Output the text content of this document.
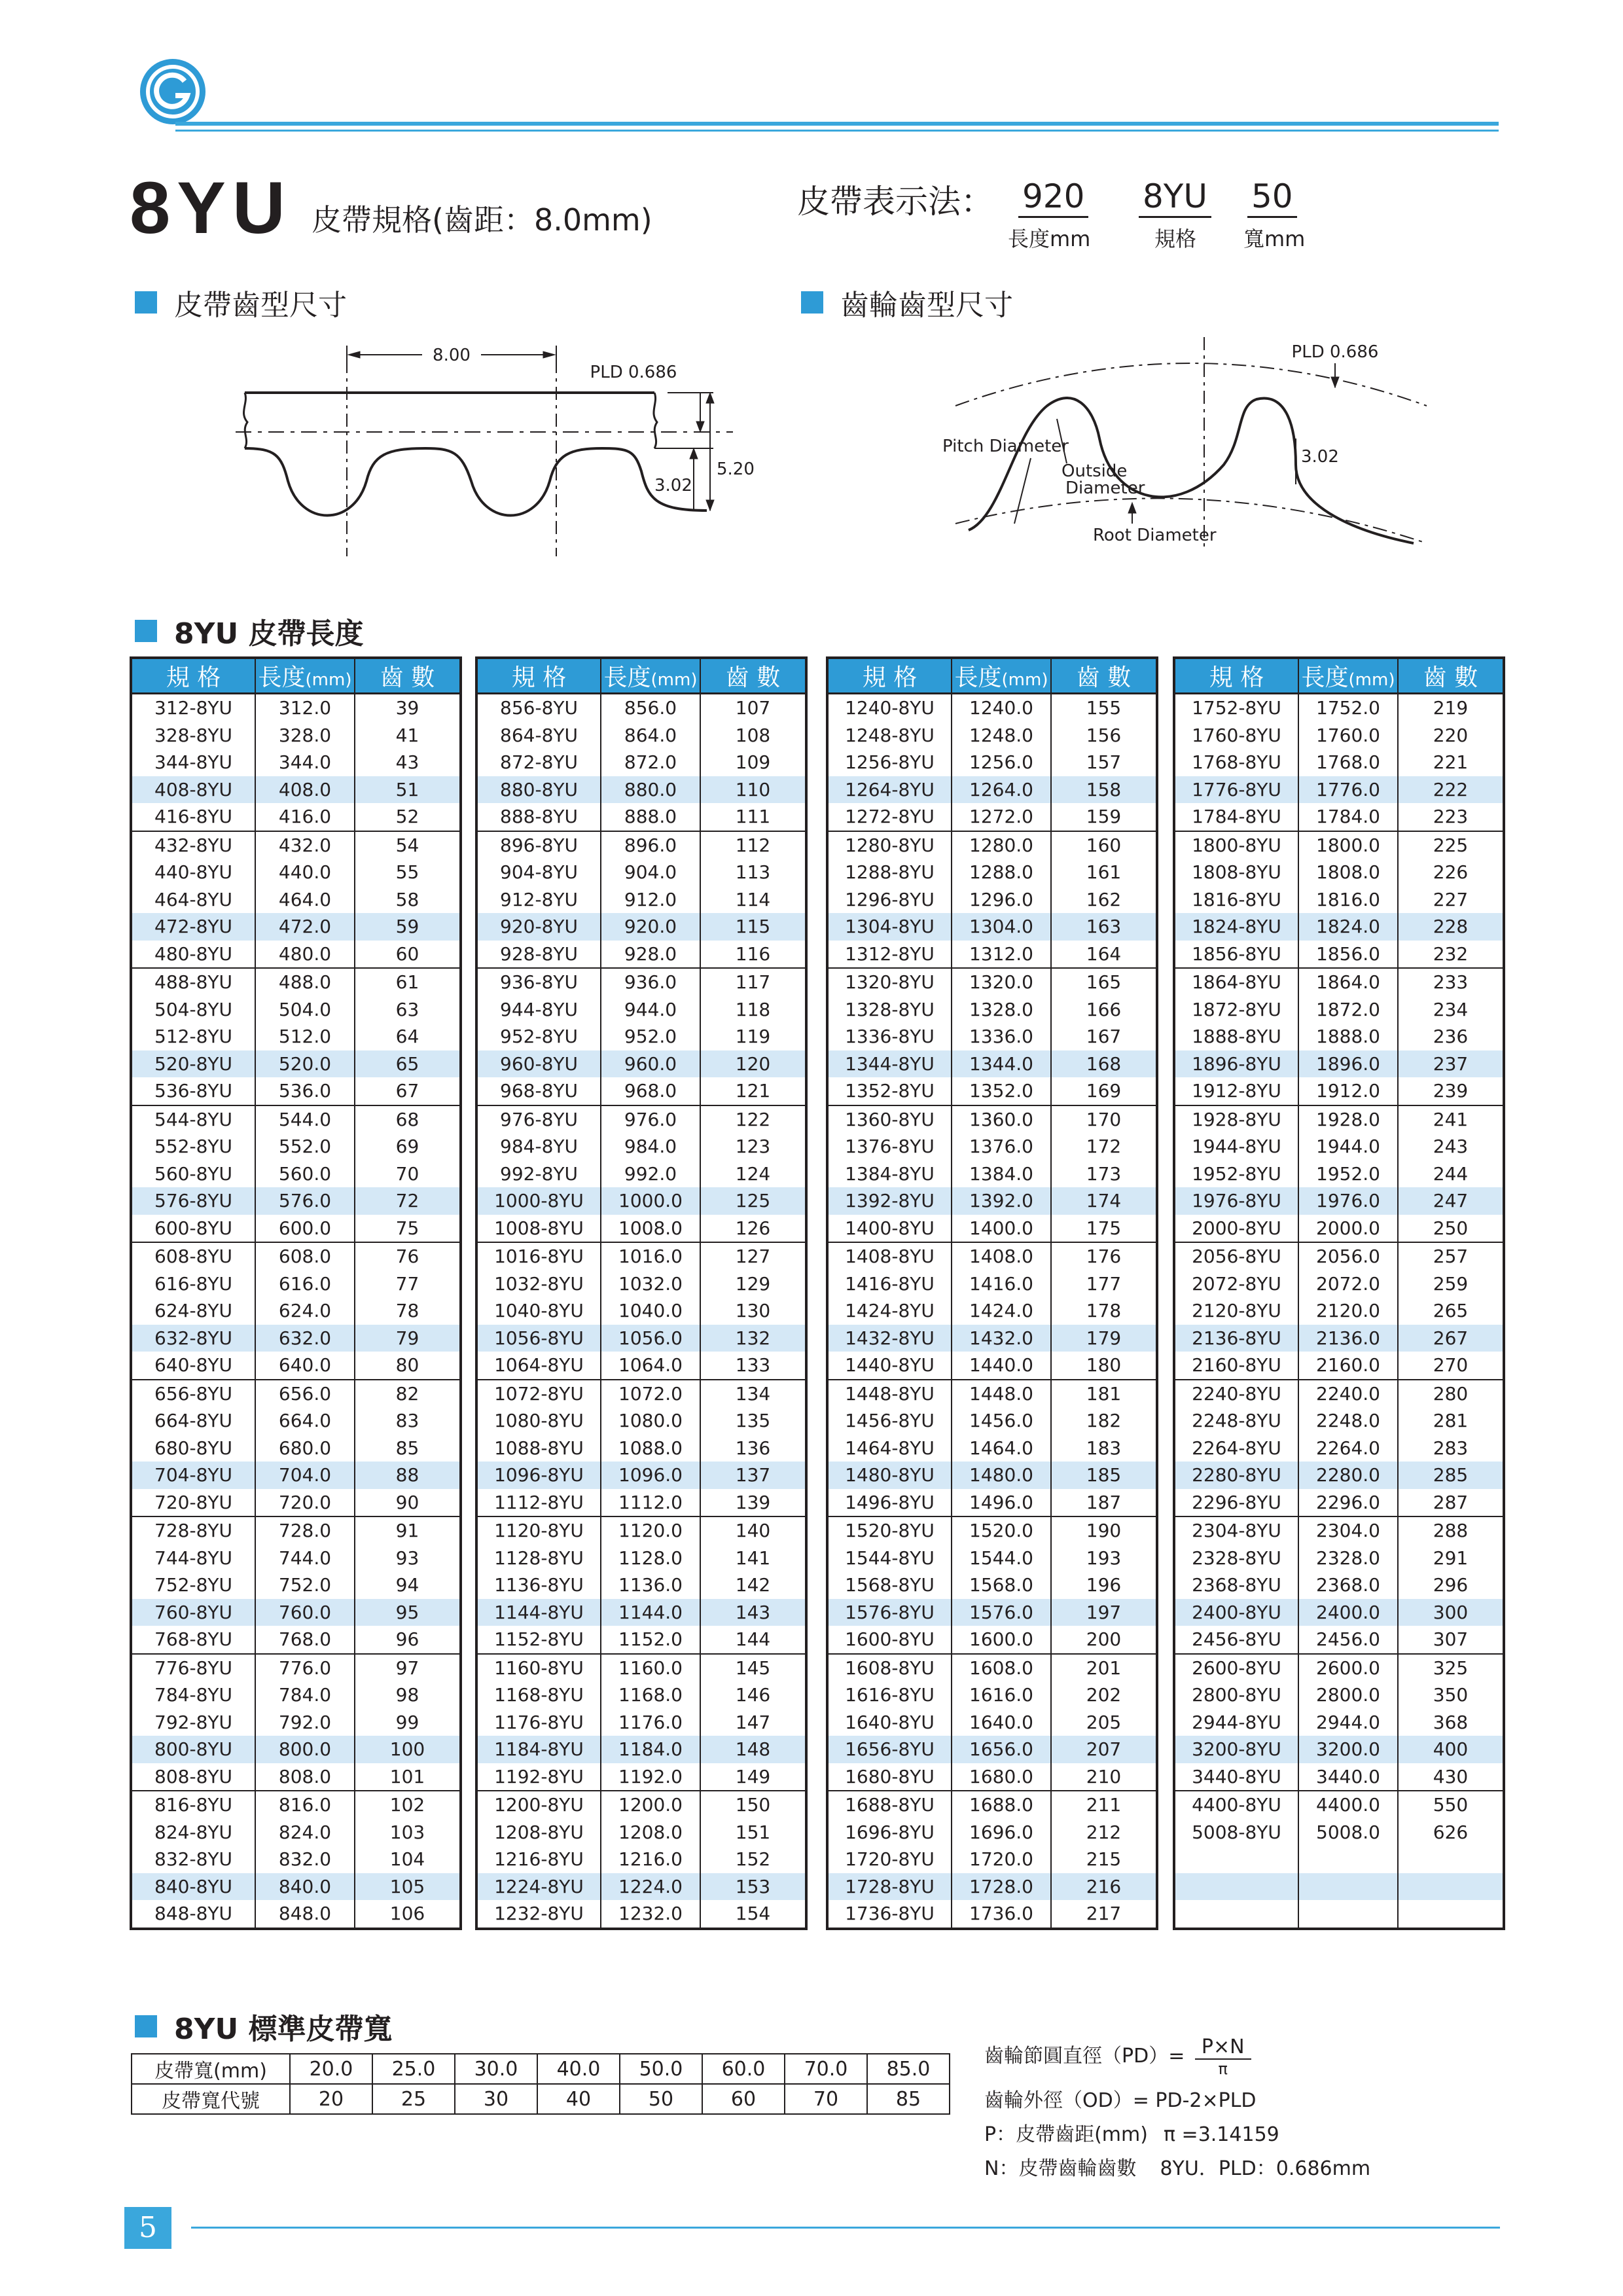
8YU 皮帶規格(齒距：8.0mm)	皮帶表示法： 920 8YU 50
長度mm	規格 寬mm
皮帶齒型尺寸	齒輪齒型尺寸
8.00
PLD 0.686
5.20
3.02
PLD 0.686
3.02
Pitch Diameter
Outside
Diameter
Root Diameter
8YU 皮帶長度
規 格	長度(mm)	齒 數
312-8YU	312.0	39
328-8YU	328.0	41
344-8YU	344.0	43
408-8YU	408.0	51
416-8YU	416.0	52
432-8YU	432.0	54
440-8YU	440.0	55
464-8YU	464.0	58
472-8YU	472.0	59
480-8YU	480.0	60
488-8YU	488.0	61
504-8YU	504.0	63
512-8YU	512.0	64
520-8YU	520.0	65
536-8YU	536.0	67
544-8YU	544.0	68
552-8YU	552.0	69
560-8YU	560.0	70
576-8YU	576.0	72
600-8YU	600.0	75
608-8YU	608.0	76
616-8YU	616.0	77
624-8YU	624.0	78
632-8YU	632.0	79
640-8YU	640.0	80
656-8YU	656.0	82
664-8YU	664.0	83
680-8YU	680.0	85
704-8YU	704.0	88
720-8YU	720.0	90
728-8YU	728.0	91
744-8YU	744.0	93
752-8YU	752.0	94
760-8YU	760.0	95
768-8YU	768.0	96
776-8YU	776.0	97
784-8YU	784.0	98
792-8YU	792.0	99
800-8YU	800.0	100
808-8YU	808.0	101
816-8YU	816.0	102
824-8YU	824.0	103
832-8YU	832.0	104
840-8YU	840.0	105
848-8YU	848.0	106
規 格	長度(mm)	齒 數
856-8YU	856.0	107
864-8YU	864.0	108
872-8YU	872.0	109
880-8YU	880.0	110
888-8YU	888.0	111
896-8YU	896.0	112
904-8YU	904.0	113
912-8YU	912.0	114
920-8YU	920.0	115
928-8YU	928.0	116
936-8YU	936.0	117
944-8YU	944.0	118
952-8YU	952.0	119
960-8YU	960.0	120
968-8YU	968.0	121
976-8YU	976.0	122
984-8YU	984.0	123
992-8YU	992.0	124
1000-8YU	1000.0	125
1008-8YU	1008.0	126
1016-8YU	1016.0	127
1032-8YU	1032.0	129
1040-8YU	1040.0	130
1056-8YU	1056.0	132
1064-8YU	1064.0	133
1072-8YU	1072.0	134
1080-8YU	1080.0	135
1088-8YU	1088.0	136
1096-8YU	1096.0	137
1112-8YU	1112.0	139
1120-8YU	1120.0	140
1128-8YU	1128.0	141
1136-8YU	1136.0	142
1144-8YU	1144.0	143
1152-8YU	1152.0	144
1160-8YU	1160.0	145
1168-8YU	1168.0	146
1176-8YU	1176.0	147
1184-8YU	1184.0	148
1192-8YU	1192.0	149
1200-8YU	1200.0	150
1208-8YU	1208.0	151
1216-8YU	1216.0	152
1224-8YU	1224.0	153
1232-8YU	1232.0	154
規 格	長度(mm)	齒 數
1240-8YU	1240.0	155
1248-8YU	1248.0	156
1256-8YU	1256.0	157
1264-8YU	1264.0	158
1272-8YU	1272.0	159
1280-8YU	1280.0	160
1288-8YU	1288.0	161
1296-8YU	1296.0	162
1304-8YU	1304.0	163
1312-8YU	1312.0	164
1320-8YU	1320.0	165
1328-8YU	1328.0	166
1336-8YU	1336.0	167
1344-8YU	1344.0	168
1352-8YU	1352.0	169
1360-8YU	1360.0	170
1376-8YU	1376.0	172
1384-8YU	1384.0	173
1392-8YU	1392.0	174
1400-8YU	1400.0	175
1408-8YU	1408.0	176
1416-8YU	1416.0	177
1424-8YU	1424.0	178
1432-8YU	1432.0	179
1440-8YU	1440.0	180
1448-8YU	1448.0	181
1456-8YU	1456.0	182
1464-8YU	1464.0	183
1480-8YU	1480.0	185
1496-8YU	1496.0	187
1520-8YU	1520.0	190
1544-8YU	1544.0	193
1568-8YU	1568.0	196
1576-8YU	1576.0	197
1600-8YU	1600.0	200
1608-8YU	1608.0	201
1616-8YU	1616.0	202
1640-8YU	1640.0	205
1656-8YU	1656.0	207
1680-8YU	1680.0	210
1688-8YU	1688.0	211
1696-8YU	1696.0	212
1720-8YU	1720.0	215
1728-8YU	1728.0	216
1736-8YU	1736.0	217
規 格	長度(mm)	齒 數
1752-8YU	1752.0	219
1760-8YU	1760.0	220
1768-8YU	1768.0	221
1776-8YU	1776.0	222
1784-8YU	1784.0	223
1800-8YU	1800.0	225
1808-8YU	1808.0	226
1816-8YU	1816.0	227
1824-8YU	1824.0	228
1856-8YU	1856.0	232
1864-8YU	1864.0	233
1872-8YU	1872.0	234
1888-8YU	1888.0	236
1896-8YU	1896.0	237
1912-8YU	1912.0	239
1928-8YU	1928.0	241
1944-8YU	1944.0	243
1952-8YU	1952.0	244
1976-8YU	1976.0	247
2000-8YU	2000.0	250
2056-8YU	2056.0	257
2072-8YU	2072.0	259
2120-8YU	2120.0	265
2136-8YU	2136.0	267
2160-8YU	2160.0	270
2240-8YU	2240.0	280
2248-8YU	2248.0	281
2264-8YU	2264.0	283
2280-8YU	2280.0	285
2296-8YU	2296.0	287
2304-8YU	2304.0	288
2328-8YU	2328.0	291
2368-8YU	2368.0	296
2400-8YU	2400.0	300
2456-8YU	2456.0	307
2600-8YU	2600.0	325
2800-8YU	2800.0	350
2944-8YU	2944.0	368
3200-8YU	3200.0	400
3440-8YU	3440.0	430
4400-8YU	4400.0	550
5008-8YU	5008.0	626

8YU 標準皮帶寬
皮帶寬(mm)	20.0	25.0	30.0	40.0	50.0	60.0	70.0	85.0
皮帶寬代號	20	25	30	40	50	60	70	85
齒輪節圓直徑（PD）= P×N
π
齒輪外徑（OD）= PD-2×PLD
P：皮帶齒距(mm) π =3.14159
N：皮帶齒輪齒數 8YU．PLD：0.686mm
5
